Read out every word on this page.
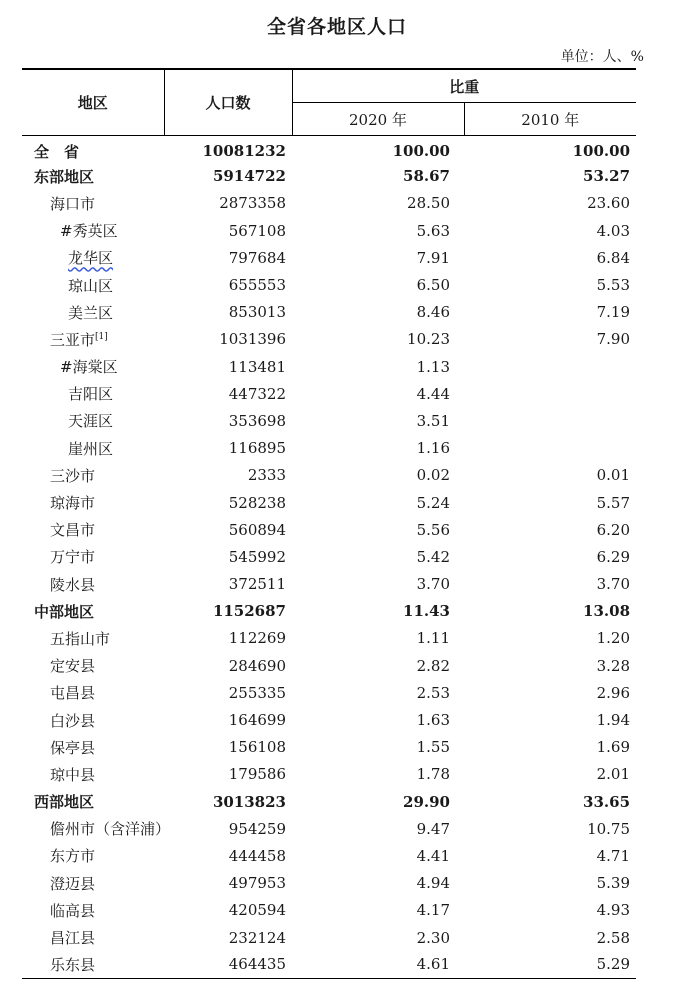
全省各地区人口
单位：人、%
地区	人口数	比重	
		2020 年	2010 年
全　省	10081232	100.00	100.00
东部地区	5914722	58.67	53.27
海口市	2873358	28.50	23.60
#秀英区	567108	5.63	4.03
龙华区	797684	7.91	6.84
琼山区	655553	6.50	5.53
美兰区	853013	8.46	7.19
三亚市[1]	1031396	10.23	7.90
#海棠区	113481	1.13	
吉阳区	447322	4.44	
天涯区	353698	3.51	
崖州区	116895	1.16	
三沙市	2333	0.02	0.01
琼海市	528238	5.24	5.57
文昌市	560894	5.56	6.20
万宁市	545992	5.42	6.29
陵水县	372511	3.70	3.70
中部地区	1152687	11.43	13.08
五指山市	112269	1.11	1.20
定安县	284690	2.82	3.28
屯昌县	255335	2.53	2.96
白沙县	164699	1.63	1.94
保亭县	156108	1.55	1.69
琼中县	179586	1.78	2.01
西部地区	3013823	29.90	33.65
儋州市（含洋浦）	954259	9.47	10.75
东方市	444458	4.41	4.71
澄迈县	497953	4.94	5.39
临高县	420594	4.17	4.93
昌江县	232124	2.30	2.58
乐东县	464435	4.61	5.29
